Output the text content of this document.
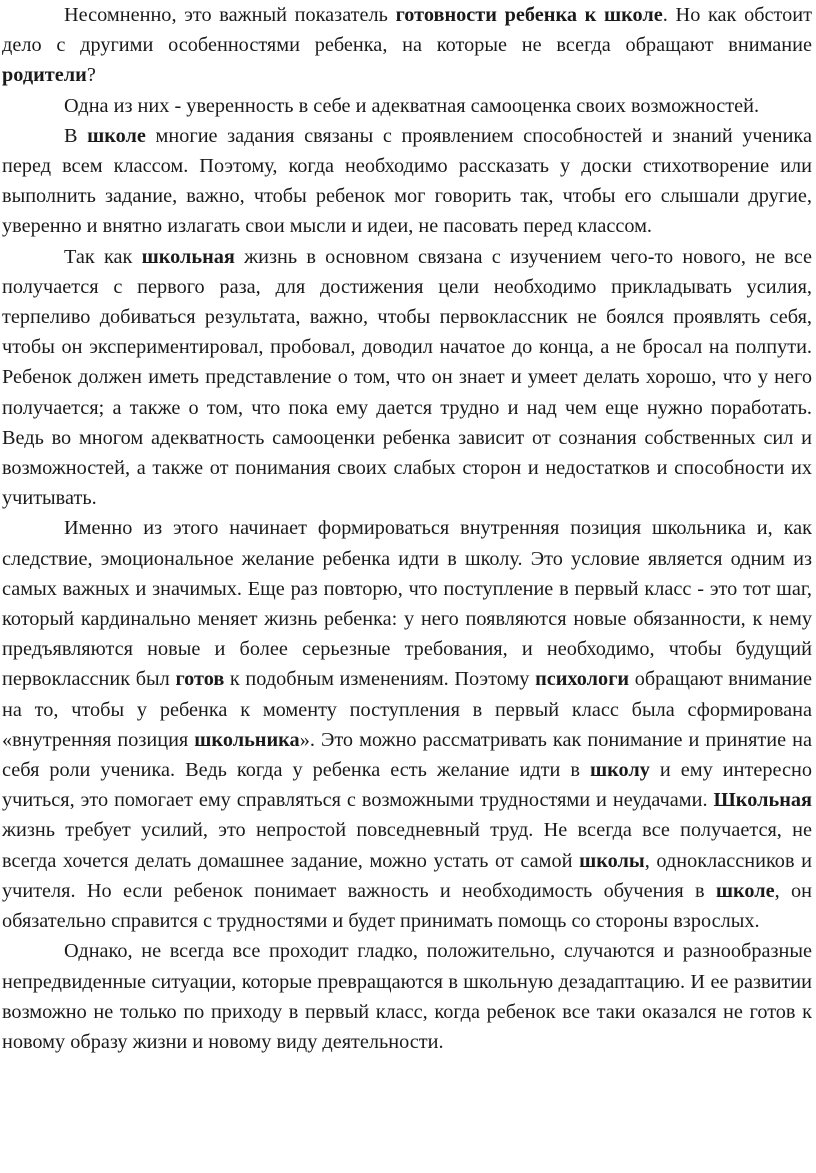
Несомненно, это важный показатель готовности ребенка к школе. Но как обстоит дело с другими особенностями ребенка, на которые не всегда обращают внимание родители?

Одна из них - уверенность в себе и адекватная самооценка своих возможностей.

В школе многие задания связаны с проявлением способностей и знаний ученика перед всем классом. Поэтому, когда необходимо рассказать у доски стихотворение или выполнить задание, важно, чтобы ребенок мог говорить так, чтобы его слышали другие, уверенно и внятно излагать свои мысли и идеи, не пасовать перед классом.

Так как школьная жизнь в основном связана с изучением чего-то нового, не все получается с первого раза, для достижения цели необходимо прикладывать усилия, терпеливо добиваться результата, важно, чтобы первоклассник не боялся проявлять себя, чтобы он экспериментировал, пробовал, доводил начатое до конца, а не бросал на полпути. Ребенок должен иметь представление о том, что он знает и умеет делать хорошо, что у него получается; а также о том, что пока ему дается трудно и над чем еще нужно поработать. Ведь во многом адекватность самооценки ребенка зависит от сознания собственных сил и возможностей, а также от понимания своих слабых сторон и недостатков и способности их учитывать.

Именно из этого начинает формироваться внутренняя позиция школьника и, как следствие, эмоциональное желание ребенка идти в школу. Это условие является одним из самых важных и значимых. Еще раз повторю, что поступление в первый класс - это тот шаг, который кардинально меняет жизнь ребенка: у него появляются новые обязанности, к нему предъявляются новые и более серьезные требования, и необходимо, чтобы будущий первоклассник был готов к подобным изменениям. Поэтому психологи обращают внимание на то, чтобы у ребенка к моменту поступления в первый класс была сформирована «внутренняя позиция школьника». Это можно рассматривать как понимание и принятие на себя роли ученика. Ведь когда у ребенка есть желание идти в школу и ему интересно учиться, это помогает ему справляться с возможными трудностями и неудачами. Школьная жизнь требует усилий, это непростой повседневный труд. Не всегда все получается, не всегда хочется делать домашнее задание, можно устать от самой школы, одноклассников и учителя. Но если ребенок понимает важность и необходимость обучения в школе, он обязательно справится с трудностями и будет принимать помощь со стороны взрослых.

Однако, не всегда все проходит гладко, положительно, случаются и разнообразные непредвиденные ситуации, которые превращаются в школьную дезадаптацию. И ее развитии возможно не только по приходу в первый класс, когда ребенок все таки оказался не готов к новому образу жизни и новому виду деятельности.
